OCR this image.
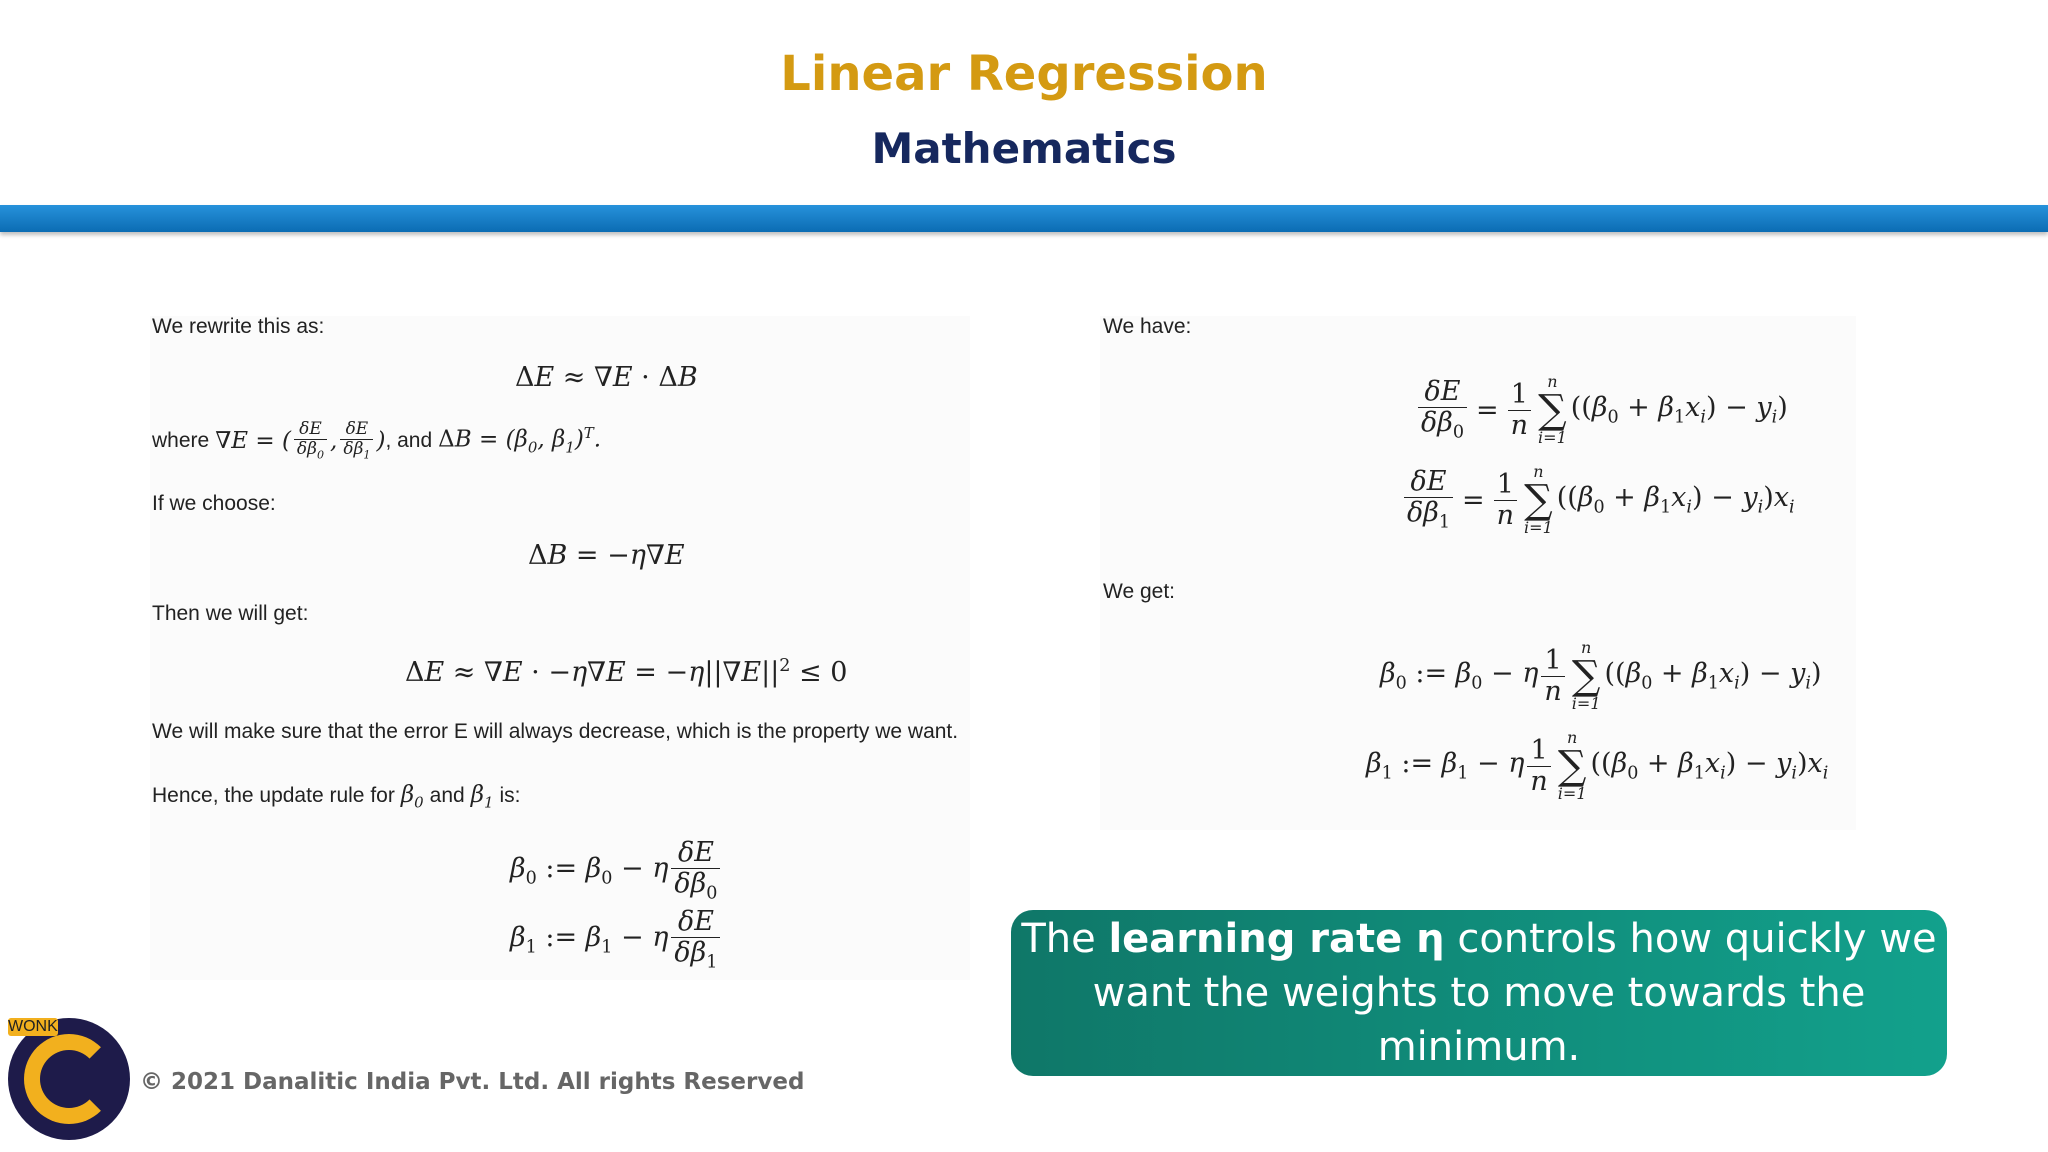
Linear Regression
Mathematics
We rewrite this as:
ΔE ≈ ∇E · ΔB
where ∇ E = ( $\frac{\delta E}{\delta\beta_0}$ , $\frac{\delta E}{\delta\beta_1}$ ) , and $\Delta B = (\beta_0$, $\beta_1)^T$.
If we choose:
ΔB = −η∇E
Then we will get:
$\Delta E \approx \nabla E \cdot -\eta\nabla E = -\eta||\nabla E||^2 \le 0$
We will make sure that the error E will always decrease, which is the property we want.
Hence, the update rule for $\beta_0$ and $\beta_1$ is:
$\beta_0$ := $\beta_0 - \eta \frac{\delta E}{\delta\beta_0}$
$\beta_1$ := $\beta_1 - \eta \frac{\delta E}{\delta\beta_1}$
We have:
$\frac{\delta E}{\delta\beta_0} = \frac{1}{n}$ n
∑
i=1
$((\beta_0 + \beta_1x_i) - y_i)$
$\frac{\delta E}{\delta\beta_1} = \frac{1}{n}$ n
∑
i=1
$((\beta_0 + \beta_1x_i) - y_i)x_i$
We get:
$\beta_0$ := $\beta_0 - \eta \frac{1}{n}$ n
∑
i=1
$((\beta_0 + \beta_1x_i) - y_i)$
$\beta_1$ := $\beta_1 - \eta \frac{1}{n}$ n
∑
i=1
$((\beta_0 + \beta_1x_i) - y_i)x_i$
The learning rate η controls how quickly we
want the weights to move towards the minimum.
WONK
© 2021 Danalitic India Pvt. Ltd. All rights Reserved
